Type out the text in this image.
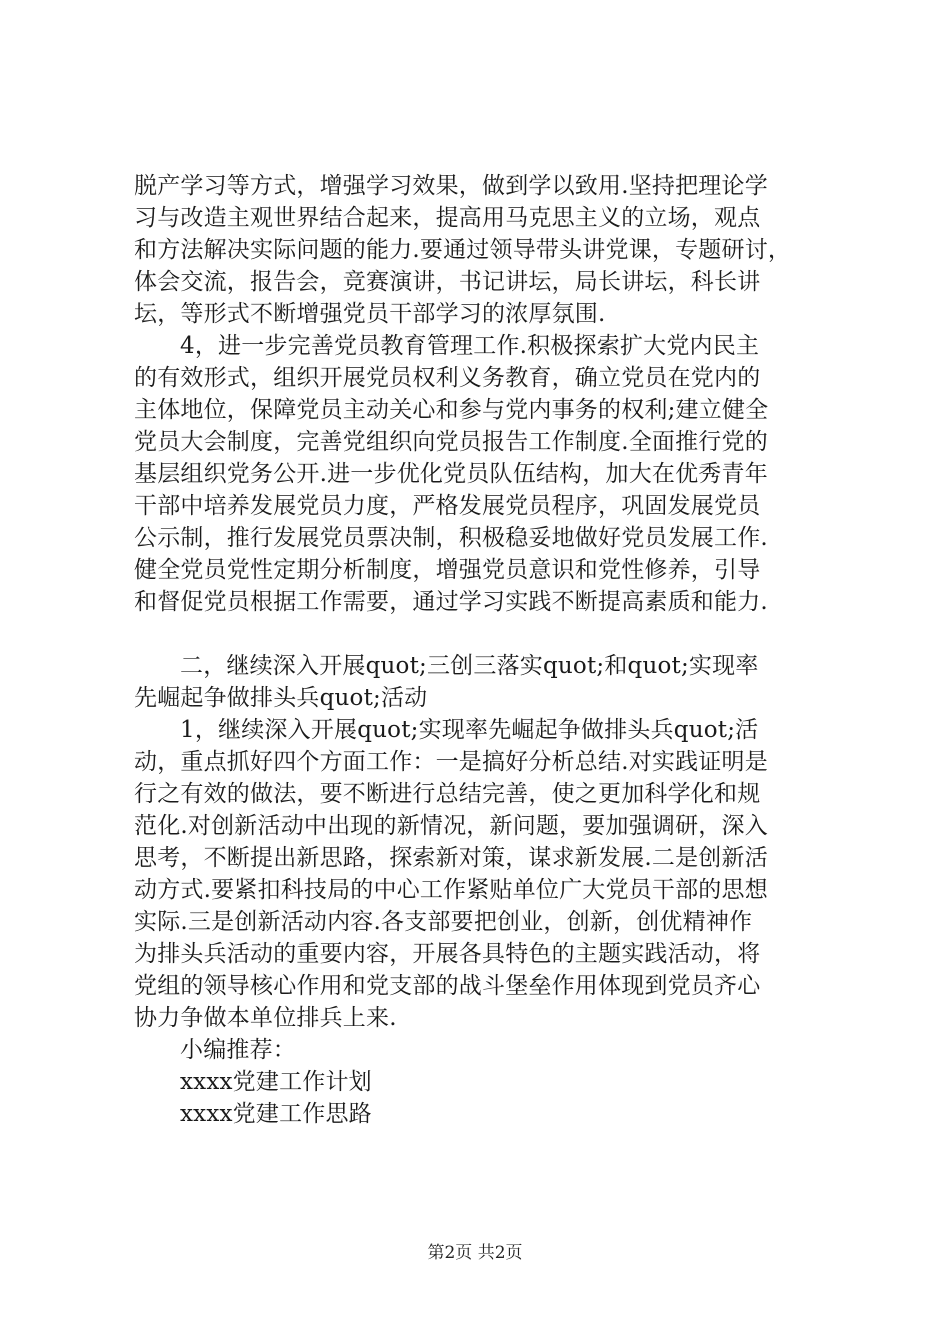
脱产学习等方式，增强学习效果，做到学以致用.坚持把理论学
习与改造主观世界结合起来，提高用马克思主义的立场，观点
和方法解决实际问题的能力.要通过领导带头讲党课，专题研讨，
体会交流，报告会，竞赛演讲，书记讲坛，局长讲坛，科长讲
坛，等形式不断增强党员干部学习的浓厚氛围.
4，进一步完善党员教育管理工作.积极探索扩大党内民主
的有效形式，组织开展党员权利义务教育，确立党员在党内的
主体地位，保障党员主动关心和参与党内事务的权利;建立健全
党员大会制度，完善党组织向党员报告工作制度.全面推行党的
基层组织党务公开.进一步优化党员队伍结构，加大在优秀青年
干部中培养发展党员力度，严格发展党员程序，巩固发展党员
公示制，推行发展党员票决制，积极稳妥地做好党员发展工作.
健全党员党性定期分析制度，增强党员意识和党性修养，引导
和督促党员根据工作需要，通过学习实践不断提高素质和能力.
二，继续深入开展quot;三创三落实quot;和quot;实现率
先崛起争做排头兵quot;活动
1，继续深入开展quot;实现率先崛起争做排头兵quot;活
动，重点抓好四个方面工作：一是搞好分析总结.对实践证明是
行之有效的做法，要不断进行总结完善，使之更加科学化和规
范化.对创新活动中出现的新情况，新问题，要加强调研，深入
思考，不断提出新思路，探索新对策，谋求新发展.二是创新活
动方式.要紧扣科技局的中心工作紧贴单位广大党员干部的思想
实际.三是创新活动内容.各支部要把创业，创新，创优精神作
为排头兵活动的重要内容，开展各具特色的主题实践活动，将
党组的领导核心作用和党支部的战斗堡垒作用体现到党员齐心
协力争做本单位排兵上来.
小编推荐：
xxxx党建工作计划
xxxx党建工作思路
第2页 共2页
